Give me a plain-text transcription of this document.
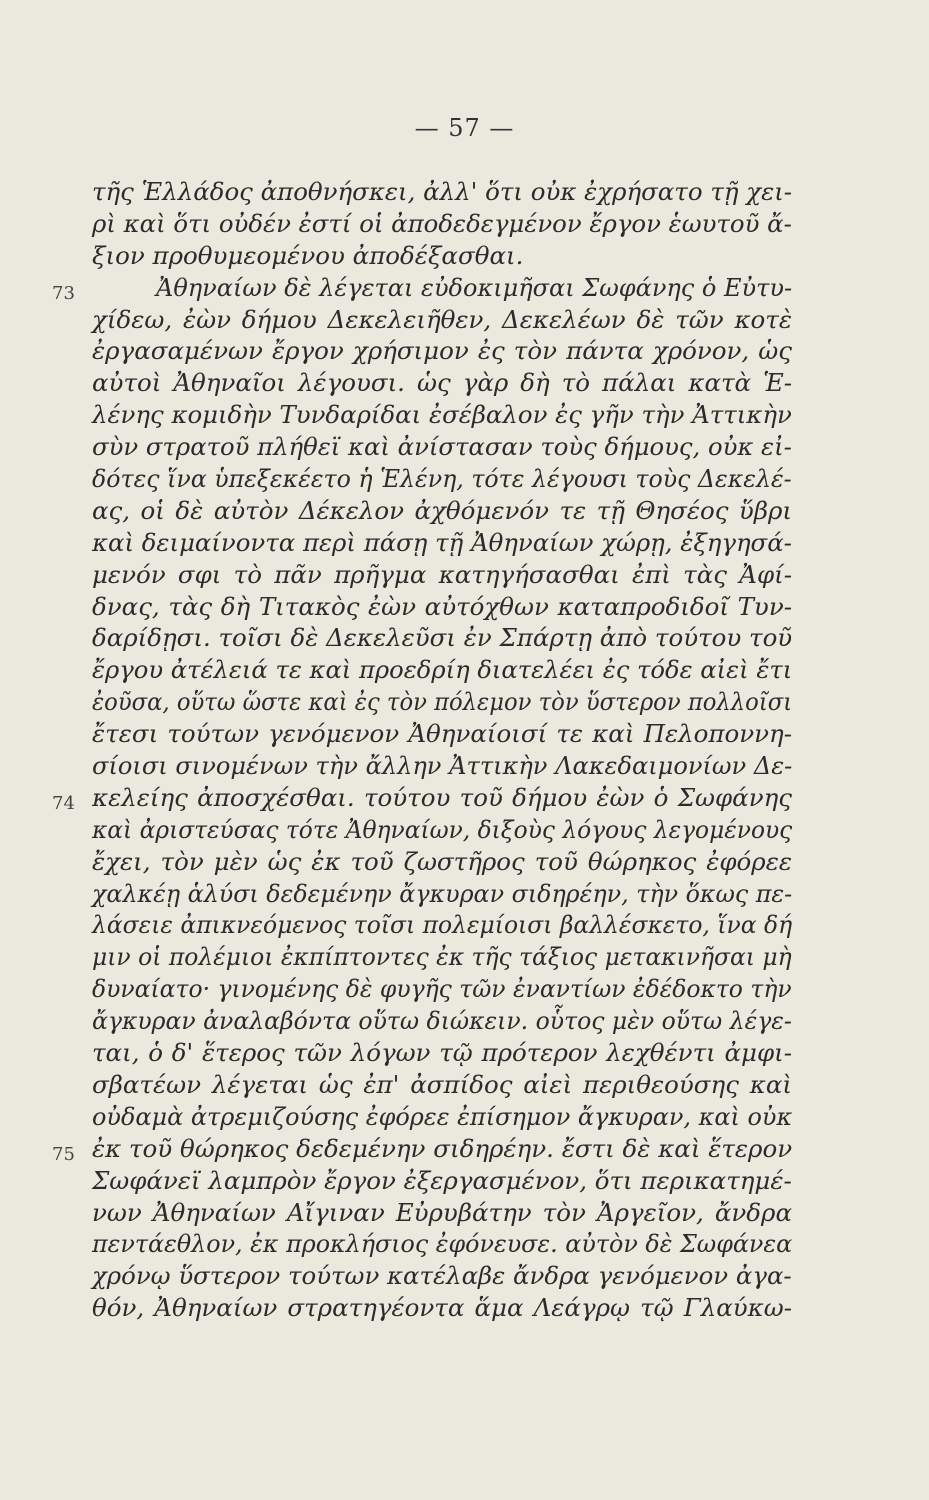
— 57 —
τῆς Ἑλλάδος ἀποθνήσκει, ἀλλ' ὅτι οὐκ ἐχρήσατο τῇ χει-
ρὶ καὶ ὅτι οὐδέν ἐστί οἱ ἀποδεδεγμένον ἔργον ἑωυτοῦ ἄ-
ξιον προθυμεομένου ἀποδέξασθαι.
Ἀθηναίων δὲ λέγεται εὐδοκιμῆσαι Σωφάνης ὁ Εὐτυ-
73
χίδεω, ἐὼν δήμου Δεκελειῆθεν, Δεκελέων δὲ τῶν κοτὲ
ἐργασαμένων ἔργον χρήσιμον ἐς τὸν πάντα χρόνον, ὡς
αὐτοὶ Ἀθηναῖοι λέγουσι. ὡς γὰρ δὴ τὸ πάλαι κατὰ Ἑ-
λένης κομιδὴν Τυνδαρίδαι ἐσέβαλον ἐς γῆν τὴν Ἀττικὴν
σὺν στρατοῦ πλήθεϊ καὶ ἀνίστασαν τοὺς δήμους, οὐκ εἰ-
δότες ἵνα ὑπεξεκέετο ἡ Ἑλένη, τότε λέγουσι τοὺς Δεκελέ-
ας, οἱ δὲ αὐτὸν Δέκελον ἀχθόμενόν τε τῇ Θησέος ὕβρι
καὶ δειμαίνοντα περὶ πάσῃ τῇ Ἀθηναίων χώρῃ, ἐξηγησά-
μενόν σφι τὸ πᾶν πρῆγμα κατηγήσασθαι ἐπὶ τὰς Ἀφί-
δνας, τὰς δὴ Τιτακὸς ἐὼν αὐτόχθων καταπροδιδοῖ Τυν-
δαρίδῃσι. τοῖσι δὲ Δεκελεῦσι ἐν Σπάρτῃ ἀπὸ τούτου τοῦ
ἔργου ἀτέλειά τε καὶ προεδρίη διατελέει ἐς τόδε αἰεὶ ἔτι
ἐοῦσα, οὕτω ὥστε καὶ ἐς τὸν πόλεμον τὸν ὕστερον πολλοῖσι
ἔτεσι τούτων γενόμενον Ἀθηναίοισί τε καὶ Πελοποννη-
σίοισι σινομένων τὴν ἄλλην Ἀττικὴν Λακεδαιμονίων Δε-
κελείης ἀποσχέσθαι. τούτου τοῦ δήμου ἐὼν ὁ Σωφάνης
74
καὶ ἀριστεύσας τότε Ἀθηναίων, διξοὺς λόγους λεγομένους
ἔχει, τὸν μὲν ὡς ἐκ τοῦ ζωστῆρος τοῦ θώρηκος ἐφόρεε
χαλκέῃ ἁλύσι δεδεμένην ἄγκυραν σιδηρέην, τὴν ὅκως πε-
λάσειε ἀπικνεόμενος τοῖσι πολεμίοισι βαλλέσκετο, ἵνα δή
μιν οἱ πολέμιοι ἐκπίπτοντες ἐκ τῆς τάξιος μετακινῆσαι μὴ
δυναίατο· γινομένης δὲ φυγῆς τῶν ἐναντίων ἐδέδοκτο τὴν
ἄγκυραν ἀναλαβόντα οὕτω διώκειν. οὗτος μὲν οὕτω λέγε-
ται, ὁ δ' ἕτερος τῶν λόγων τῷ πρότερον λεχθέντι ἀμφι-
σβατέων λέγεται ὡς ἐπ' ἀσπίδος αἰεὶ περιθεούσης καὶ
οὐδαμὰ ἀτρεμιζούσης ἐφόρεε ἐπίσημον ἄγκυραν, καὶ οὐκ
ἐκ τοῦ θώρηκος δεδεμένην σιδηρέην. ἔστι δὲ καὶ ἕτερον
75
Σωφάνεϊ λαμπρὸν ἔργον ἐξεργασμένον, ὅτι περικατημέ-
νων Ἀθηναίων Αἴγιναν Εὐρυβάτην τὸν Ἀργεῖον, ἄνδρα
πεντάεθλον, ἐκ προκλήσιος ἐφόνευσε. αὐτὸν δὲ Σωφάνεα
χρόνῳ ὕστερον τούτων κατέλαβε ἄνδρα γενόμενον ἀγα-
θόν, Ἀθηναίων στρατηγέοντα ἅμα Λεάγρῳ τῷ Γλαύκω-
